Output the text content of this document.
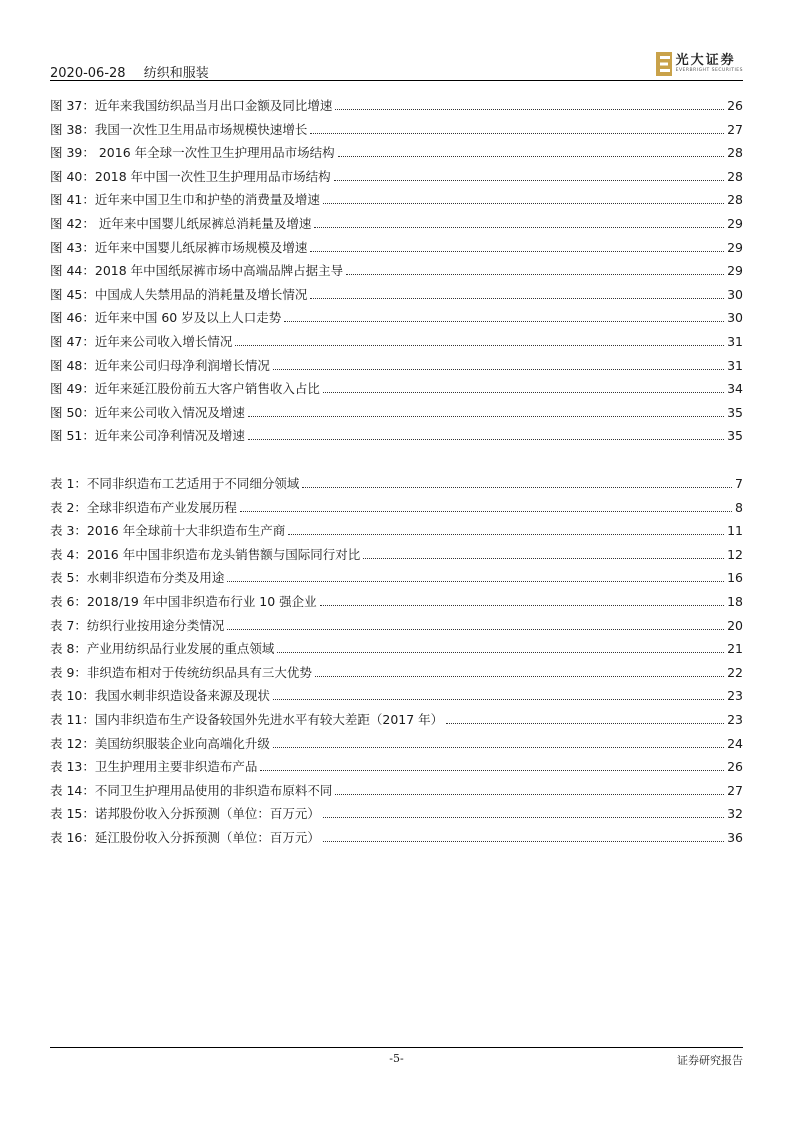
2020-06-28 纺织和服装
光大证券
EVERBRIGHT SECURITIES
图 37：近年来我国纺织品当月出口金额及同比增速	26
图 38：我国一次性卫生用品市场规模快速增长	27
图 39： 2016 年全球一次性卫生护理用品市场结构	28
图 40：2018 年中国一次性卫生护理用品市场结构	28
图 41：近年来中国卫生巾和护垫的消费量及增速	28
图 42： 近年来中国婴儿纸尿裤总消耗量及增速	29
图 43：近年来中国婴儿纸尿裤市场规模及增速	29
图 44：2018 年中国纸尿裤市场中高端品牌占据主导	29
图 45：中国成人失禁用品的消耗量及增长情况	30
图 46：近年来中国 60 岁及以上人口走势	30
图 47：近年来公司收入增长情况	31
图 48：近年来公司归母净利润增长情况	31
图 49：近年来延江股份前五大客户销售收入占比	34
图 50：近年来公司收入情况及增速	35
图 51：近年来公司净利情况及增速	35
表 1：不同非织造布工艺适用于不同细分领域	7
表 2：全球非织造布产业发展历程	8
表 3：2016 年全球前十大非织造布生产商	11
表 4：2016 年中国非织造布龙头销售额与国际同行对比	12
表 5：水刺非织造布分类及用途	16
表 6：2018/19 年中国非织造布行业 10 强企业	18
表 7：纺织行业按用途分类情况	20
表 8：产业用纺织品行业发展的重点领域	21
表 9：非织造布相对于传统纺织品具有三大优势	22
表 10：我国水刺非织造设备来源及现状	23
表 11：国内非织造布生产设备较国外先进水平有较大差距（2017 年）	23
表 12：美国纺织服装企业向高端化升级	24
表 13：卫生护理用主要非织造布产品	26
表 14：不同卫生护理用品使用的非织造布原料不同	27
表 15：诺邦股份收入分拆预测（单位：百万元）	32
表 16：延江股份收入分拆预测（单位：百万元）	36
-5-	证券研究报告
